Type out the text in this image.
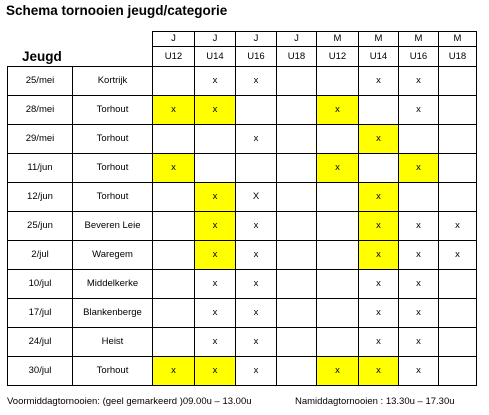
Schema tornooien jeugd/categorie
Jeugd
		J	J	J	J	M	M	M	M
		U12	U14	U16	U18	U12	U14	U16	U18
25/mei	Kortrijk		x	x			x	x	
28/mei	Torhout	x	x			x		x	
29/mei	Torhout			x			x		
11/jun	Torhout	x				x		x	
12/jun	Torhout		x	X			x		
25/jun	Beveren Leie		x	x			x	x	x
2/jul	Waregem		x	x			x	x	x
10/jul	Middelkerke		x	x			x	x	
17/jul	Blankenberge		x	x			x	x	
24/jul	Heist		x	x			x	x	
30/jul	Torhout	x	x	x		x	x	x	
Voormiddagtornooien: (geel gemarkeerd )09.00u – 13.00u	Namiddagtornooien : 13.30u – 17.30u
